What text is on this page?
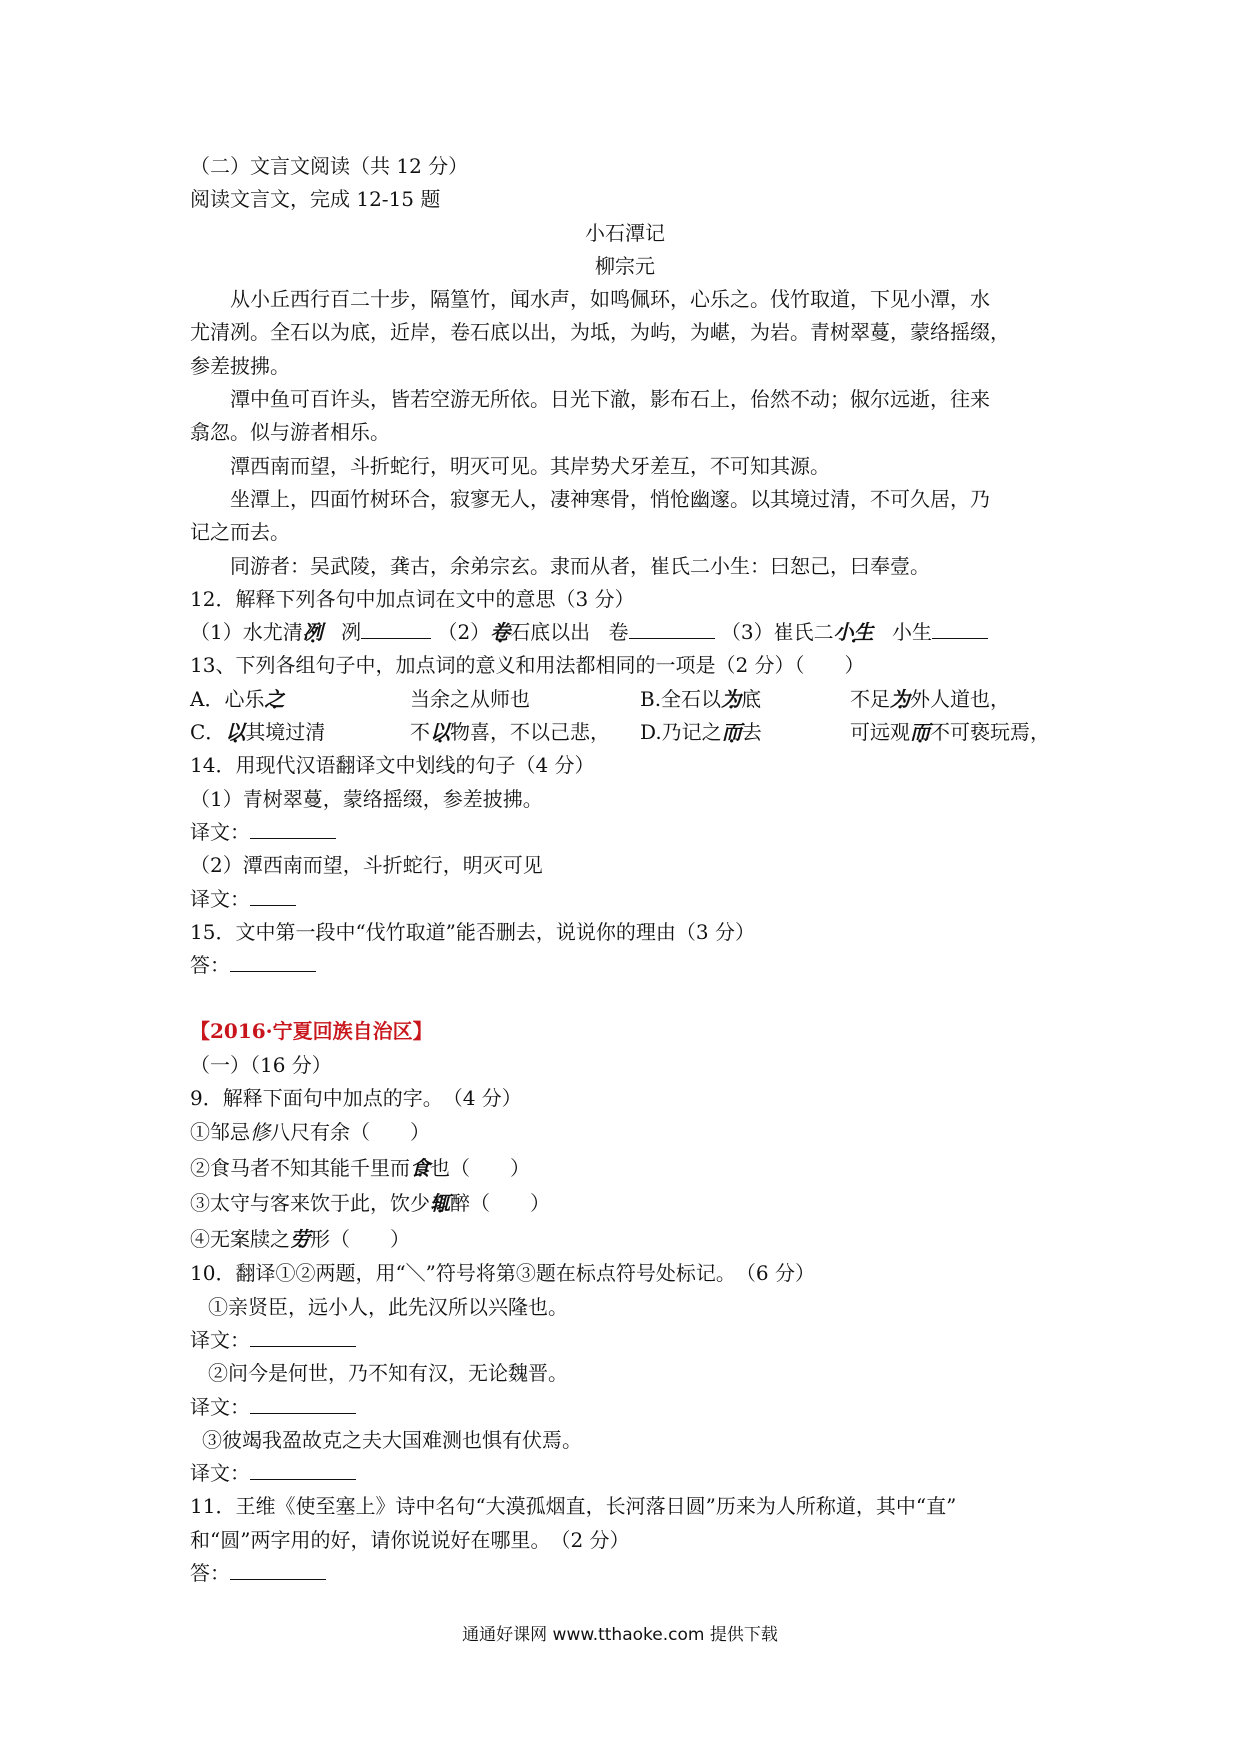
（二）文言文阅读（共 12 分）
阅读文言文，完成 12-15 题
小石潭记
柳宗元
从小丘西行百二十步，隔篁竹，闻水声，如鸣佩环，心乐之。伐竹取道，下见小潭，水
尤清冽。全石以为底，近岸，卷石底以出，为坻，为屿，为嵁，为岩。青树翠蔓，蒙络摇缀，
参差披拂。
潭中鱼可百许头，皆若空游无所依。日光下澈，影布石上，佁然不动；俶尔远逝，往来
翕忽。似与游者相乐。
潭西南而望，斗折蛇行，明灭可见。其岸势犬牙差互，不可知其源。
坐潭上，四面竹树环合，寂寥无人，凄神寒骨，悄怆幽邃。以其境过清，不可久居，乃
记之而去。
同游者：吴武陵，龚古，余弟宗玄。隶而从者，崔氏二小生：曰恕己，曰奉壹。
12．解释下列各句中加点词在文中的意思（3 分）
（1）水尤清冽 冽	（2）卷石底以出 卷	（3）崔氏二小生 小生
13、下列各组句子中，加点词的意义和用法都相同的一项是（2 分）（　　）
A．心乐之	当余之从师也	B.全石以为底	不足为外人道也，
C．以其境过清	不以物喜，不以己悲，	D.乃记之而去	可远观而不可亵玩焉，
14．用现代汉语翻译文中划线的句子（4 分）
（1）青树翠蔓，蒙络摇缀，参差披拂。
译文：
（2）潭西南而望，斗折蛇行，明灭可见
译文：
15．文中第一段中“伐竹取道”能否删去，说说你的理由（3 分）
答：
【2016·宁夏回族自治区】
（一）（16 分）
9．解释下面句中加点的字。　（4 分）
①邹忌修八尺有余（　　）
②食马者不知其能千里而食也（　　）
③太守与客来饮于此，饮少辄醉（　　）
④无案牍之劳形（　　）
10．翻译①②两题，用“＼”符号将第③题在标点符号处标记。　（6 分）
①亲贤臣，远小人，此先汉所以兴隆也。
译文：
②问今是何世，乃不知有汉，无论魏晋。
译文：
③彼竭我盈故克之夫大国难测也惧有伏焉。
译文：
11．王维《使至塞上》诗中名句“大漠孤烟直，长河落日圆”历来为人所称道，其中“直”
和“圆”两字用的好，请你说说好在哪里。　（2 分）
答：
通通好课网 www.tthaoke.com 提供下载
